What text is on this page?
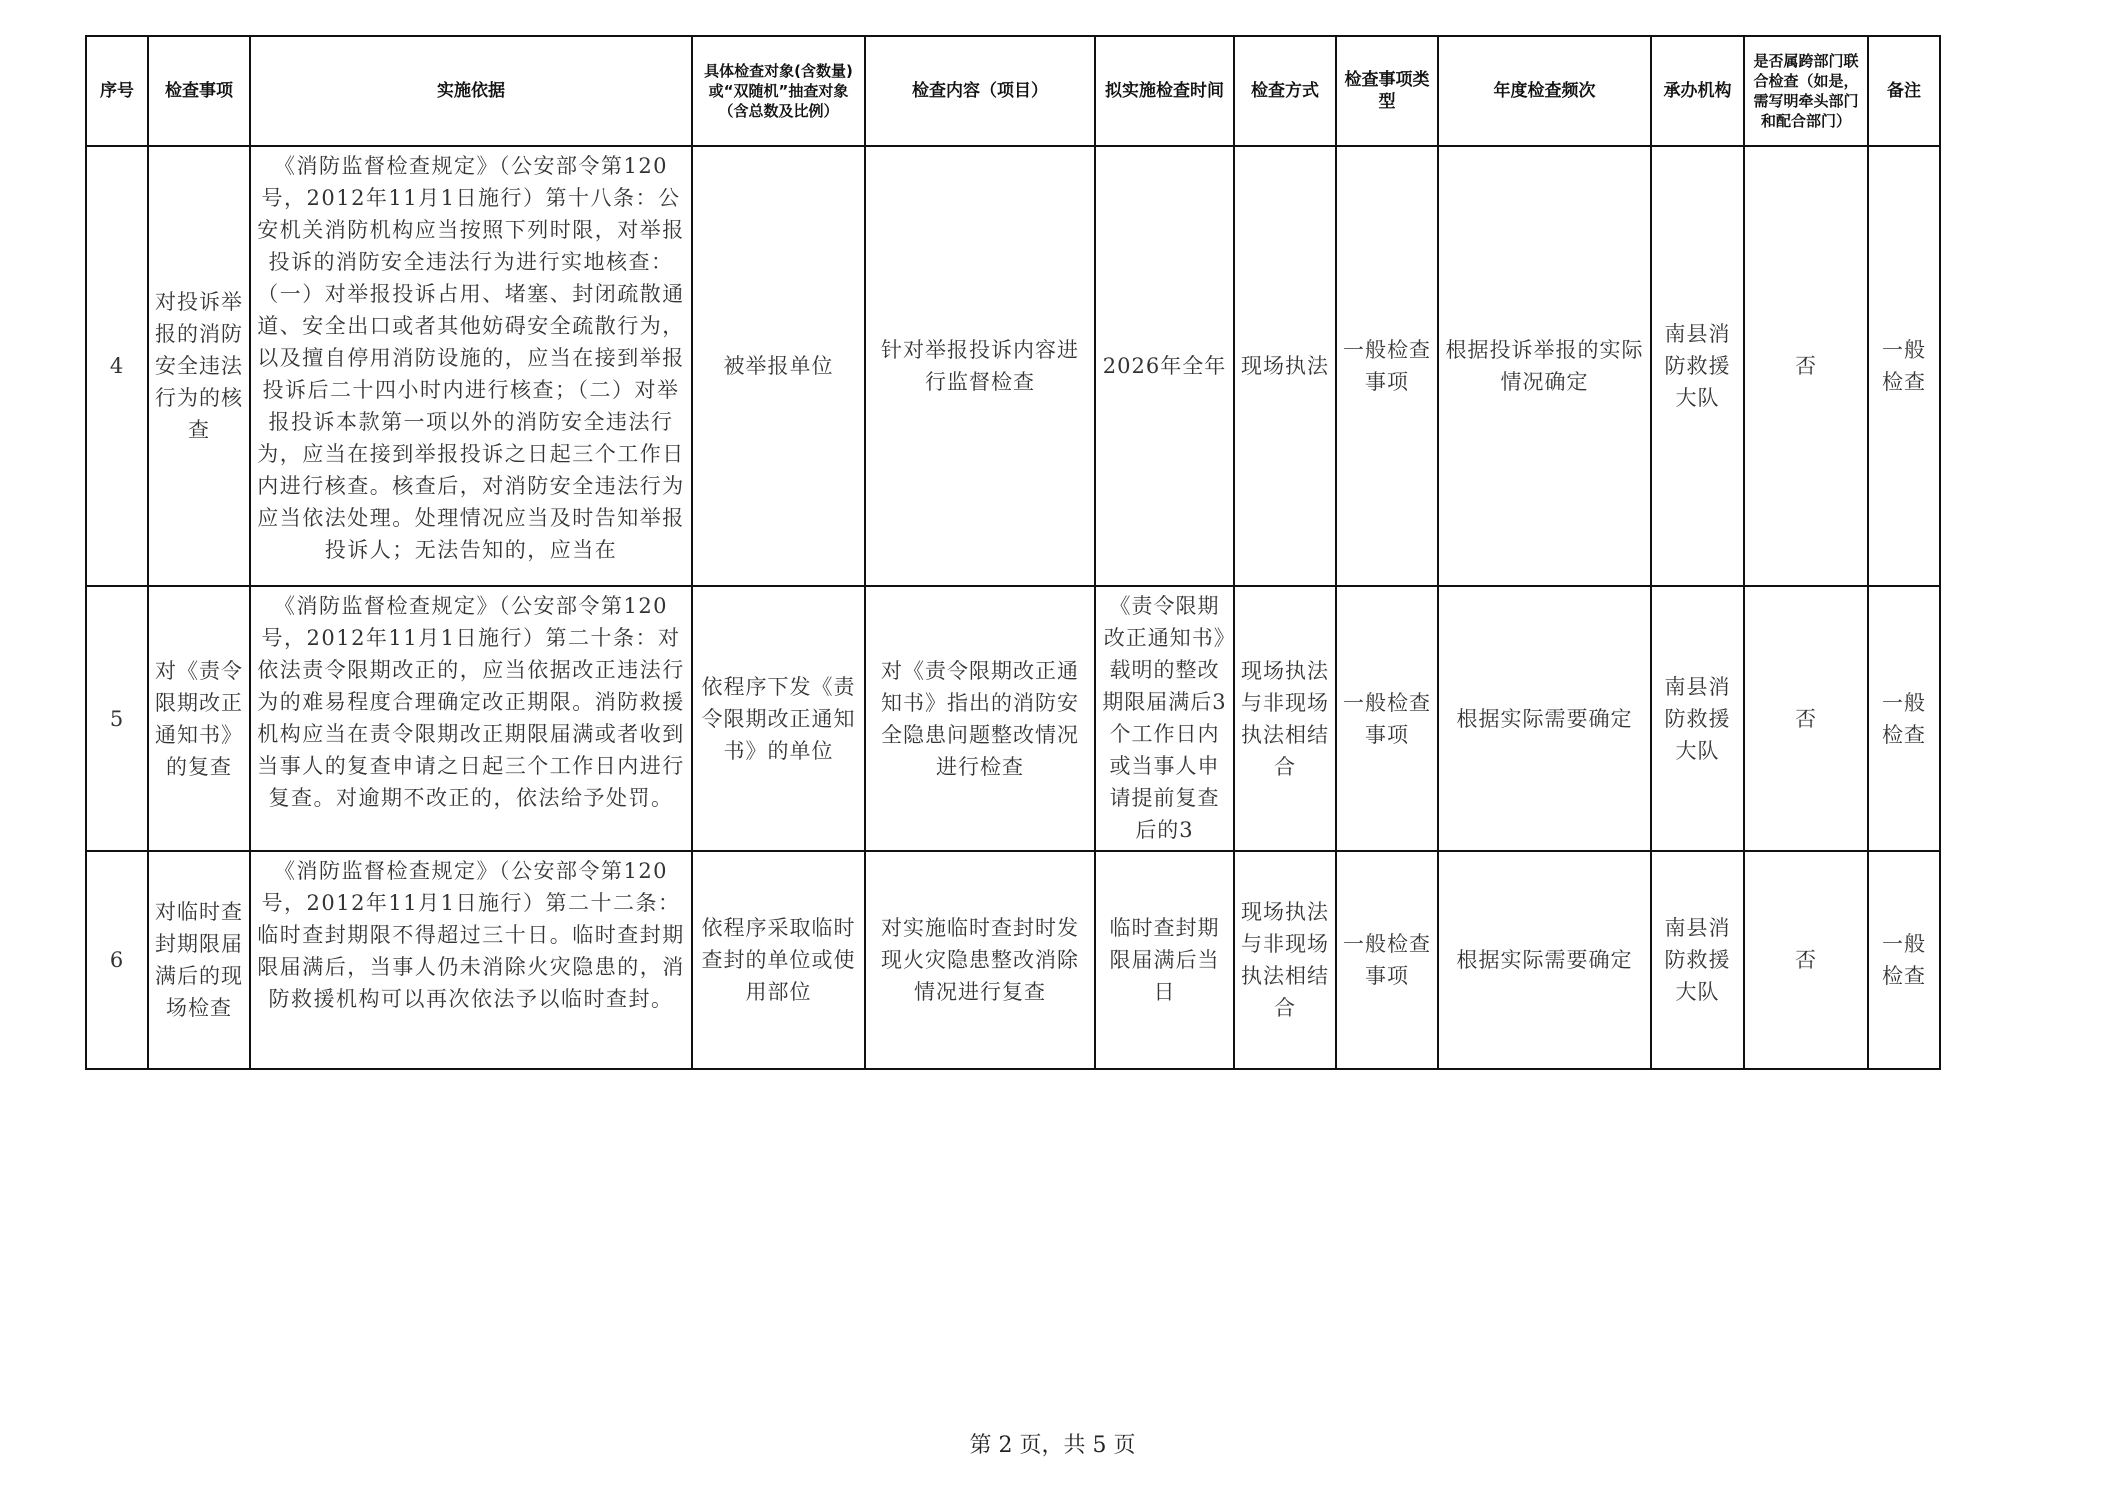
序号	检查事项	实施依据	具体检查对象(含数量)或“双随机”抽查对象（含总数及比例）	检查内容（项目）	拟实施检查时间	检查方式	检查事项类型	年度检查频次	承办机构	是否属跨部门联合检查（如是，需写明牵头部门和配合部门）	备注
4	对投诉举报的消防安全违法行为的核查	《消防监督检查规定》（公安部令第120号，2012年11月1日施行）第十八条：公安机关消防机构应当按照下列时限，对举报投诉的消防安全违法行为进行实地核查：（一）对举报投诉占用、堵塞、封闭疏散通道、安全出口或者其他妨碍安全疏散行为，以及擅自停用消防设施的，应当在接到举报投诉后二十四小时内进行核查；（二）对举报投诉本款第一项以外的消防安全违法行为，应当在接到举报投诉之日起三个工作日内进行核查。核查后，对消防安全违法行为应当依法处理。处理情况应当及时告知举报投诉人；无法告知的，应当在	被举报单位	针对举报投诉内容进行监督检查	2026年全年	现场执法	一般检查事项	根据投诉举报的实际情况确定	南县消防救援大队	否	一般检查
5	对《责令限期改正通知书》的复查	《消防监督检查规定》（公安部令第120号，2012年11月1日施行）第二十条：对依法责令限期改正的，应当依据改正违法行为的难易程度合理确定改正期限。消防救援机构应当在责令限期改正期限届满或者收到当事人的复查申请之日起三个工作日内进行复查。对逾期不改正的，依法给予处罚。	依程序下发《责令限期改正通知书》的单位	对《责令限期改正通知书》指出的消防安全隐患问题整改情况进行检查	《责令限期改正通知书》载明的整改期限届满后3个工作日内或当事人申请提前复查后的3	现场执法与非现场执法相结合	一般检查事项	根据实际需要确定	南县消防救援大队	否	一般检查
6	对临时查封期限届满后的现场检查	《消防监督检查规定》（公安部令第120号，2012年11月1日施行）第二十二条：临时查封期限不得超过三十日。临时查封期限届满后，当事人仍未消除火灾隐患的，消防救援机构可以再次依法予以临时查封。	依程序采取临时查封的单位或使用部位	对实施临时查封时发现火灾隐患整改消除情况进行复查	临时查封期限届满后当日	现场执法与非现场执法相结合	一般检查事项	根据实际需要确定	南县消防救援大队	否	一般检查
第 2 页，共 5 页
